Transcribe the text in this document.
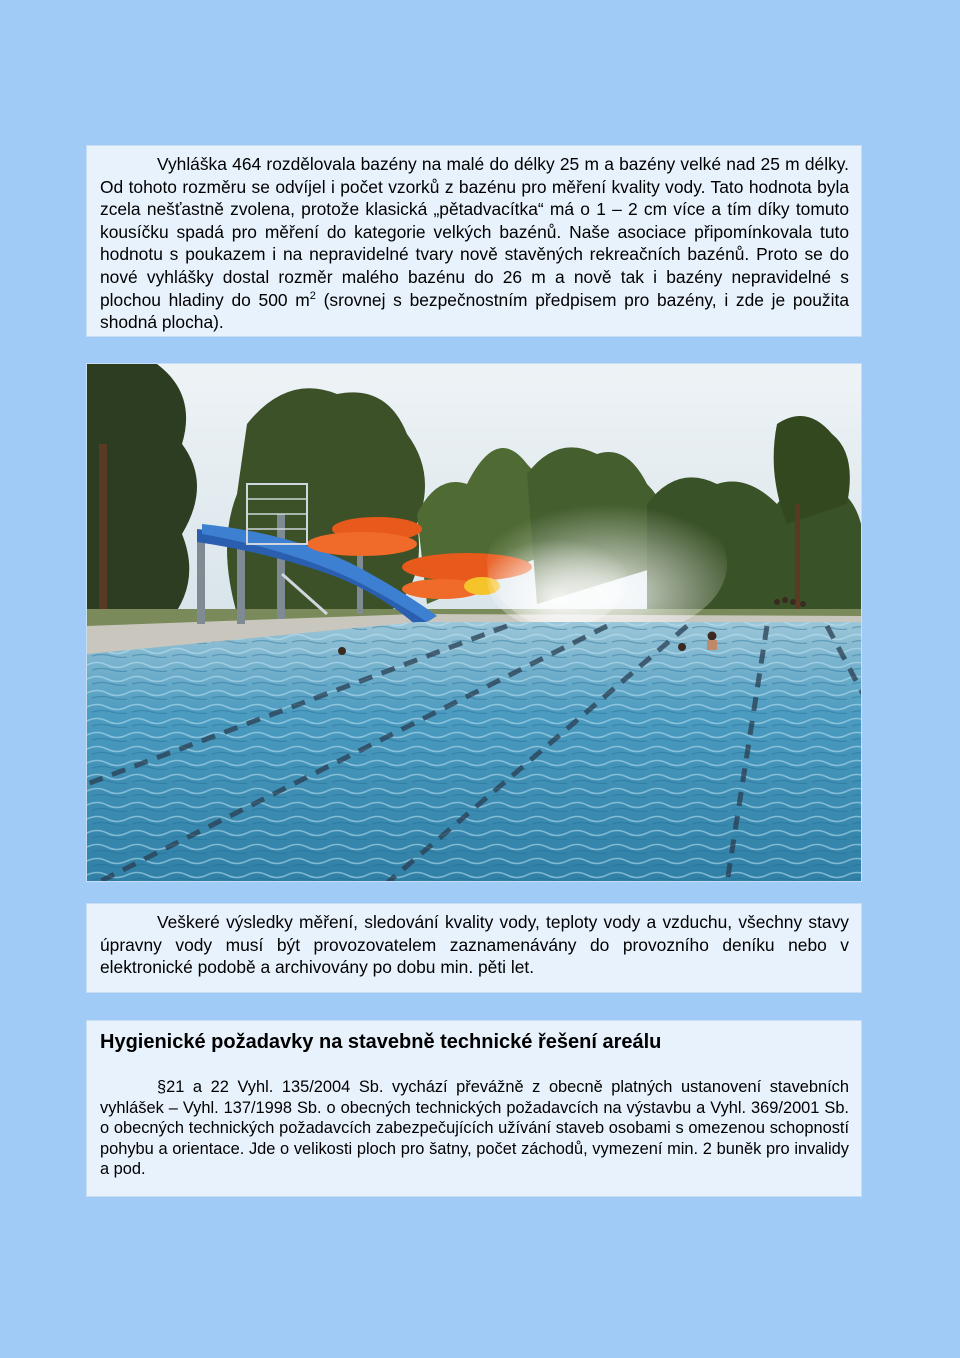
Vyhláška 464 rozdělovala bazény na malé do délky 25 m a bazény velké nad 25 m délky. Od tohoto rozměru se odvíjel i počet vzorků z bazénu pro měření kvality vody. Tato hodnota byla zcela nešťastně zvolena, protože klasická „pětadvacítka“ má o 1 – 2 cm více a tím díky tomuto kousíčku spadá pro měření do kategorie velkých bazénů. Naše asociace připomínkovala tuto hodnotu s poukazem i na nepravidelné tvary nově stavěných rekreačních bazénů. Proto se do nové vyhlášky dostal rozměr malého bazénu do 26 m a nově tak i bazény nepravidelné s plochou hladiny do 500 $m^2$ (srovnej s bezpečnostním předpisem pro bazény, i zde je použita shodná plocha).

Veškeré výsledky měření, sledování kvality vody, teploty vody a vzduchu, všechny stavy úpravny vody musí být provozovatelem zaznamenávány do provozního deníku nebo v elektronické podobě a archivovány po dobu min. pěti let.

Hygienické požadavky na stavebně technické řešení areálu

§21 a 22 Vyhl. 135/2004 Sb. vychází převážně z obecně platných ustanovení stavebních vyhlášek – Vyhl. 137/1998 Sb. o obecných technických požadavcích na výstavbu a Vyhl. 369/2001 Sb. o obecných technických požadavcích zabezpečujících užívání staveb osobami s omezenou schopností pohybu a orientace. Jde o velikosti ploch pro šatny, počet záchodů, vymezení min. 2 buněk pro invalidy a pod.
